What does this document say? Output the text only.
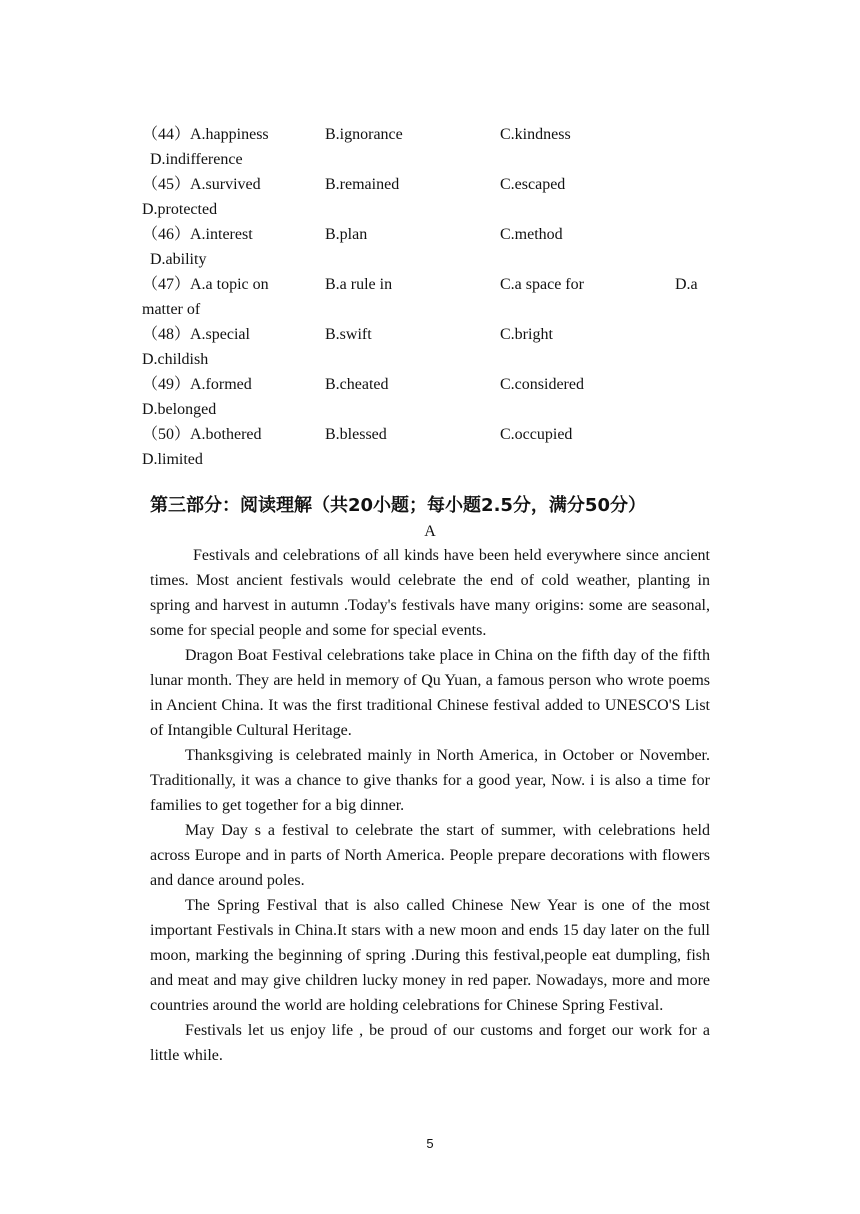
（44）A.happiness	B.ignorance	C.kindness
D.indifference
（45）A.survived	B.remained	C.escaped
D.protected
（46）A.interest	B.plan	C.method
D.ability
（47）A.a topic on	B.a rule in	C.a space for	D.a
matter of
（48）A.special	B.swift	C.bright
D.childish
（49）A.formed	B.cheated	C.considered
D.belonged
（50）A.bothered	B.blessed	C.occupied
D.limited
第三部分：阅读理解（共20小题；每小题2.5分，满分50分）
A

Festivals and celebrations of all kinds have been held everywhere since ancient times. Most ancient festivals would celebrate the end of cold weather, planting in spring and harvest in autumn .Today's festivals have many origins: some are seasonal, some for special people and some for special events.

Dragon Boat Festival celebrations take place in China on the fifth day of the fifth lunar month. They are held in memory of Qu Yuan, a famous person who wrote poems in Ancient China. It was the first traditional Chinese festival added to UNESCO'S List of Intangible Cultural Heritage.

Thanksgiving is celebrated mainly in North America, in October or November. Traditionally, it was a chance to give thanks for a good year, Now. i is also a time for families to get together for a big dinner.

May Day s a festival to celebrate the start of summer, with celebrations held across Europe and in parts of North America. People prepare decorations with flowers and dance around poles.

The Spring Festival that is also called Chinese New Year is one of the most important Festivals in China.It stars with a new moon and ends 15 day later on the full moon, marking the beginning of spring .During this festival,people eat dumpling, fish and meat and may give children lucky money in red paper. Nowadays, more and more countries around the world are holding celebrations for Chinese Spring Festival.

Festivals let us enjoy life , be proud of our customs and forget our work for a little while.

5
